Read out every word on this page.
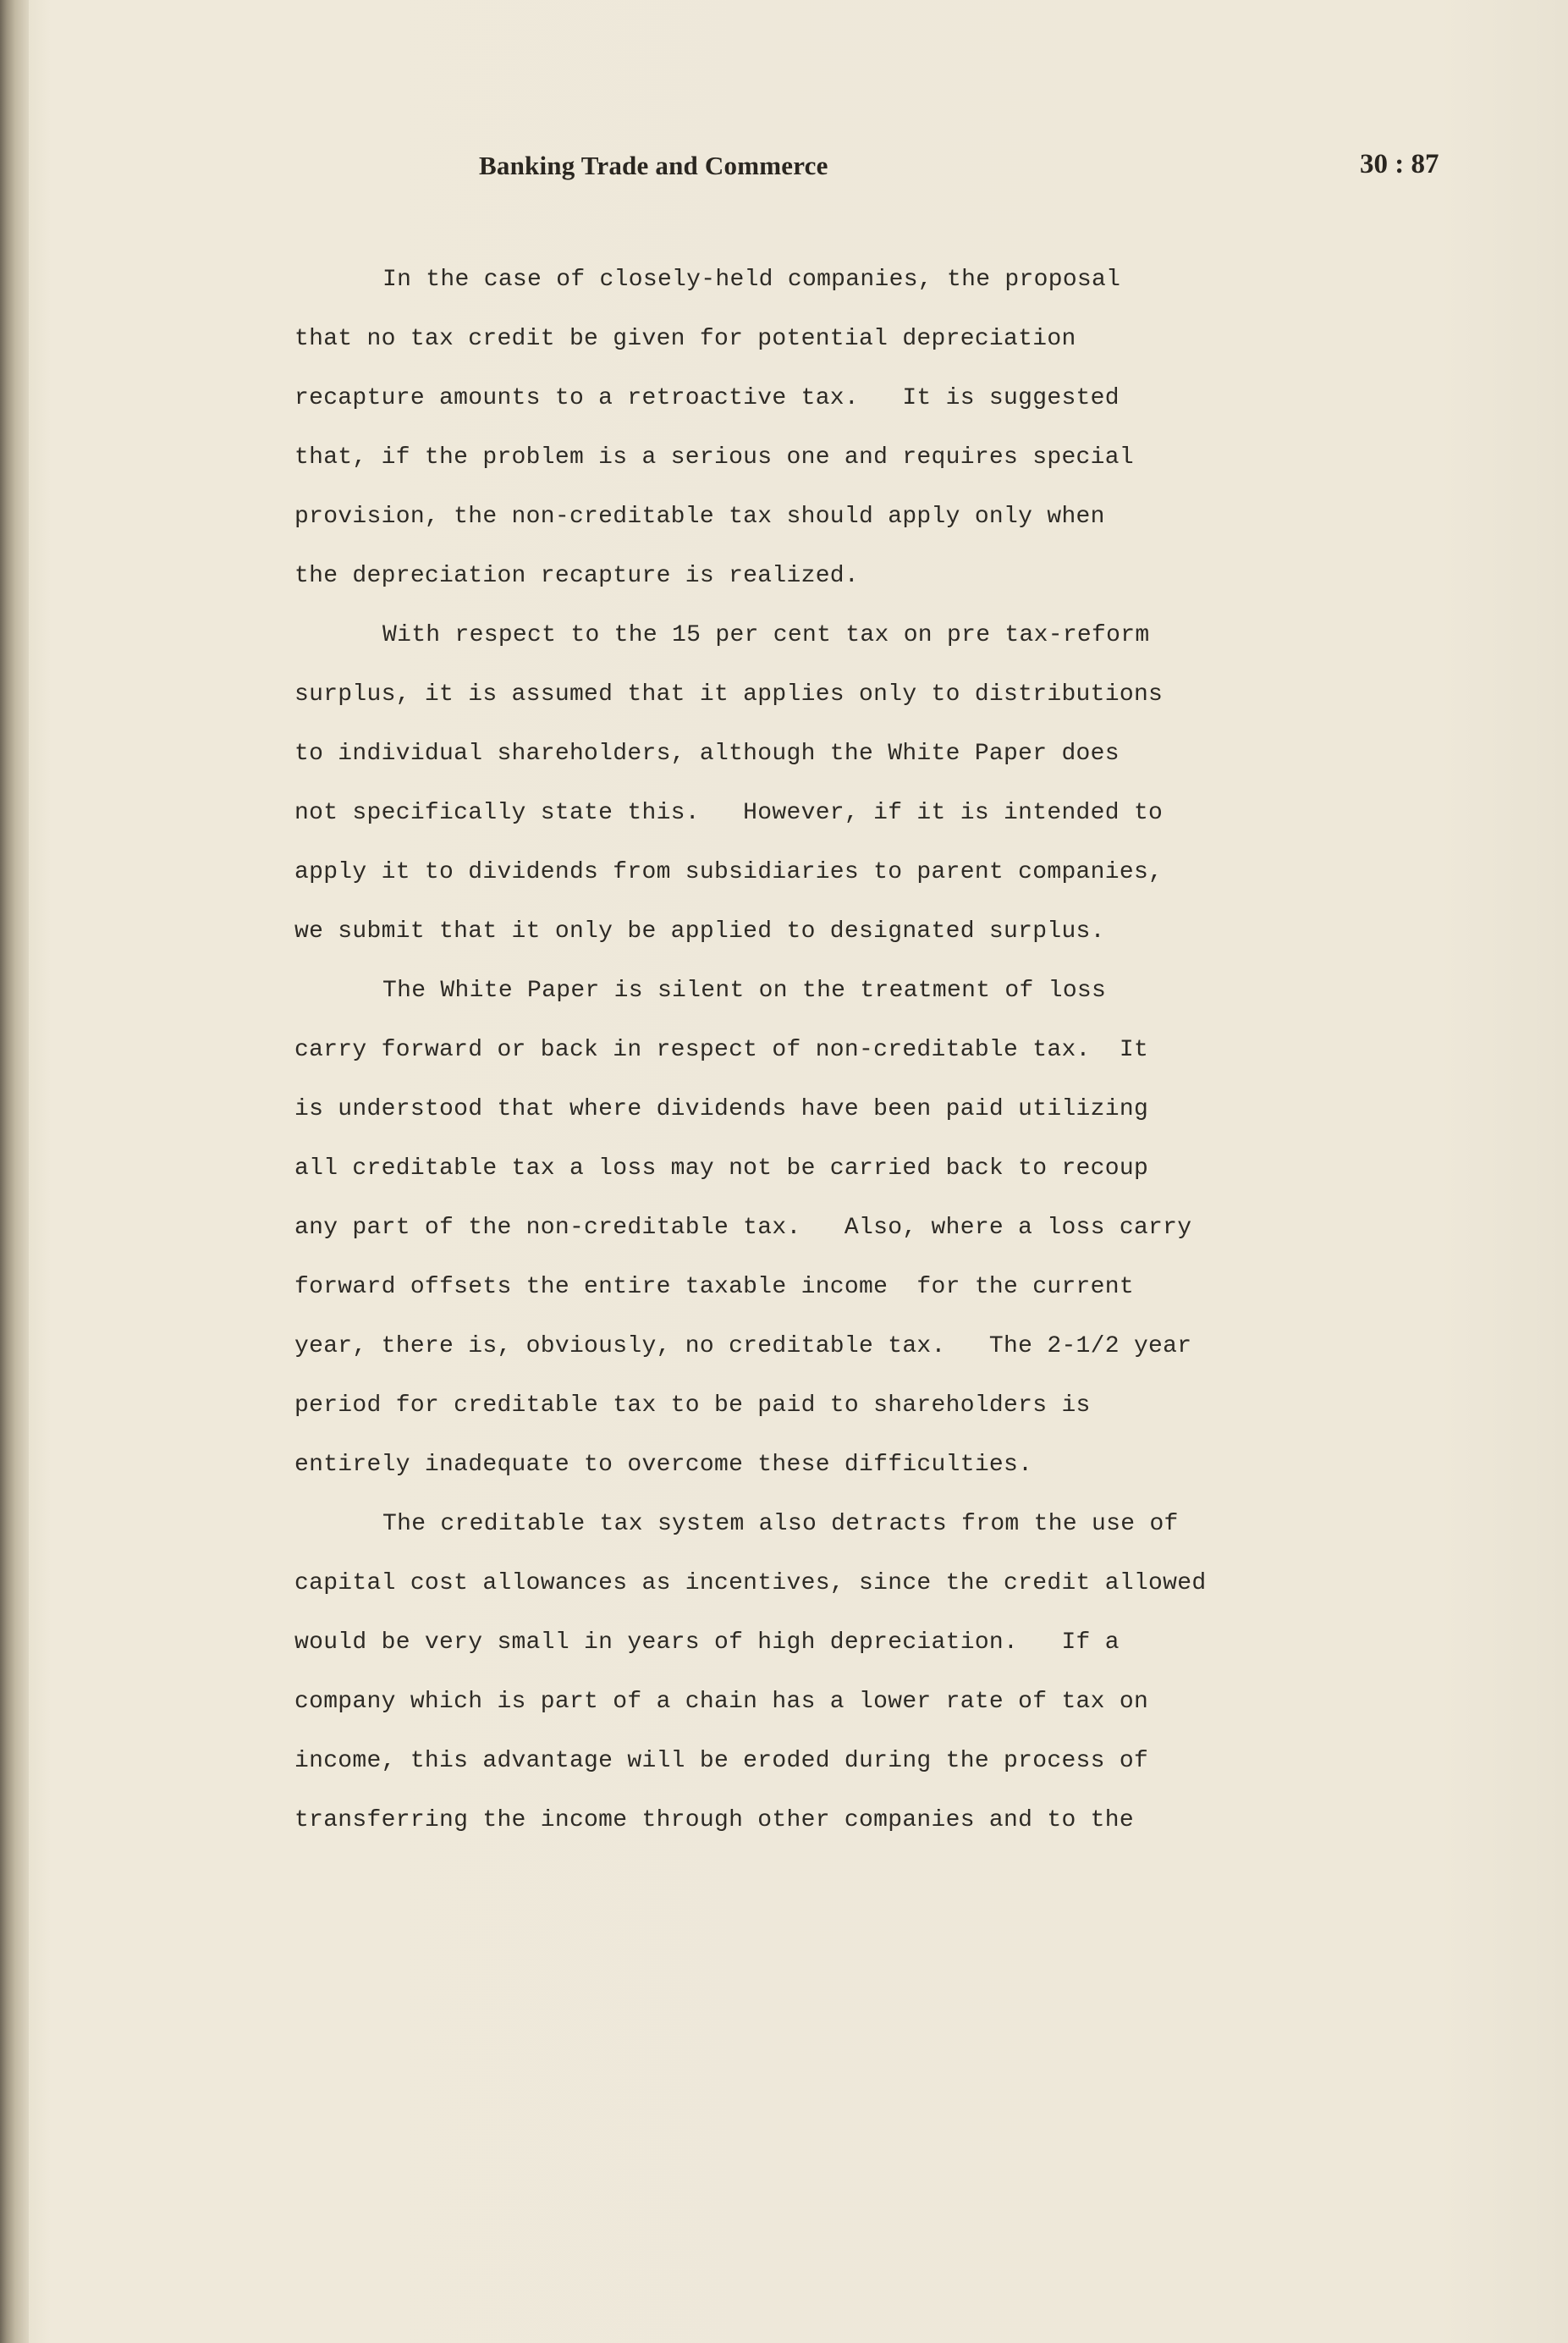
Banking Trade and Commerce	30 : 87
In the case of closely-held companies, the proposal
that no tax credit be given for potential depreciation
recapture amounts to a retroactive tax.   It is suggested
that, if the problem is a serious one and requires special
provision, the non-creditable tax should apply only when
the depreciation recapture is realized.
With respect to the 15 per cent tax on pre tax-reform
surplus, it is assumed that it applies only to distributions
to individual shareholders, although the White Paper does
not specifically state this.   However, if it is intended to
apply it to dividends from subsidiaries to parent companies,
we submit that it only be applied to designated surplus.
The White Paper is silent on the treatment of loss
carry forward or back in respect of non-creditable tax.  It
is understood that where dividends have been paid utilizing
all creditable tax a loss may not be carried back to recoup
any part of the non-creditable tax.   Also, where a loss carry
forward offsets the entire taxable income  for the current
year, there is, obviously, no creditable tax.   The 2-1/2 year
period for creditable tax to be paid to shareholders is
entirely inadequate to overcome these difficulties.
The creditable tax system also detracts from the use of
capital cost allowances as incentives, since the credit allowed
would be very small in years of high depreciation.   If a
company which is part of a chain has a lower rate of tax on
income, this advantage will be eroded during the process of
transferring the income through other companies and to the
